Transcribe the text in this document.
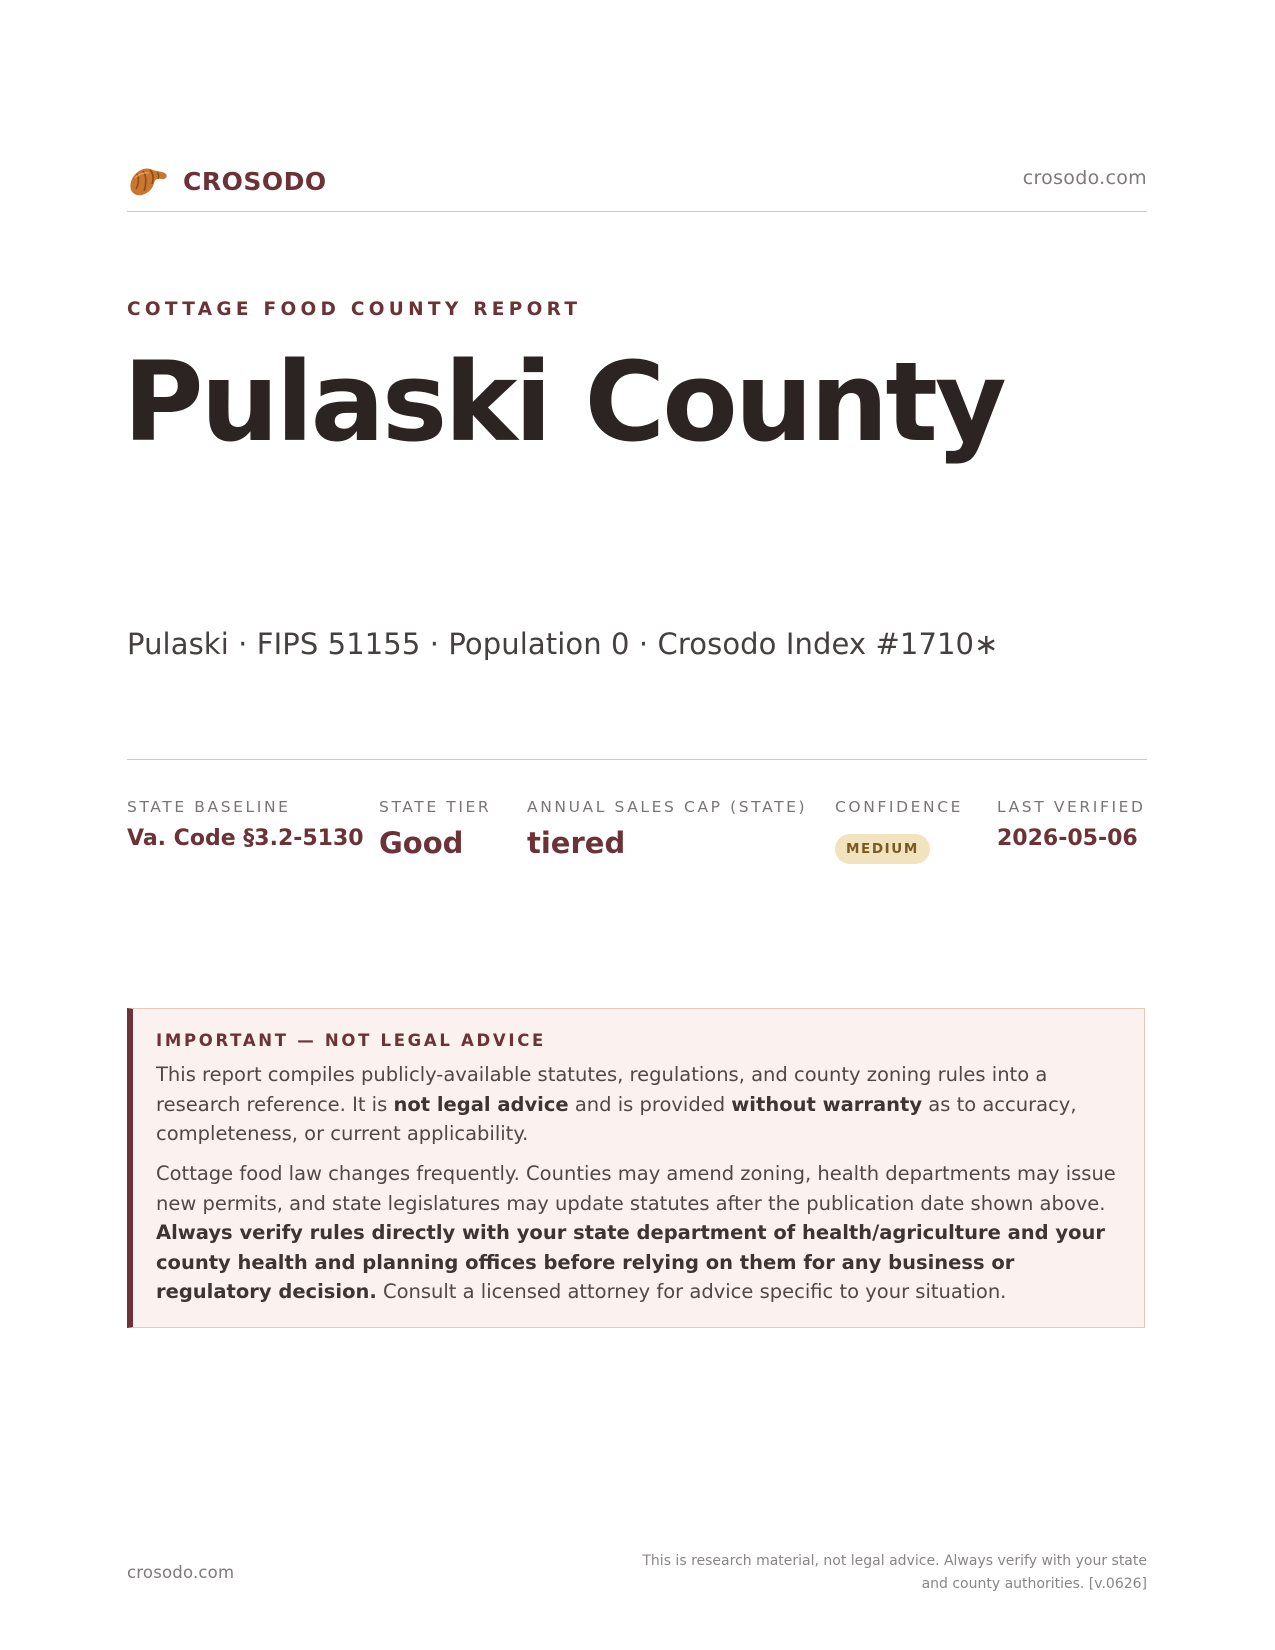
CROSODO	crosodo.com
COTTAGE FOOD COUNTY REPORT
Pulaski County
Pulaski · FIPS 51155 · Population 0 · Crosodo Index #1710∗
STATE BASELINE
Va. Code §3.2-5130
STATE TIER
Good
ANNUAL SALES CAP (STATE)
tiered
CONFIDENCE
MEDIUM
LAST VERIFIED
2026-05-06
IMPORTANT — NOT LEGAL ADVICE

This report compiles publicly-available statutes, regulations, and county zoning rules into a research reference. It is not legal advice and is provided without warranty as to accuracy, completeness, or current applicability.

Cottage food law changes frequently. Counties may amend zoning, health departments may issue new permits, and state legislatures may update statutes after the publication date shown above. Always verify rules directly with your state department of health/agriculture and your county health and planning offices before relying on them for any business or regulatory decision. Consult a licensed attorney for advice specific to your situation.

crosodo.com
This is research material, not legal advice. Always verify with your state
and county authorities. [v.0626]
